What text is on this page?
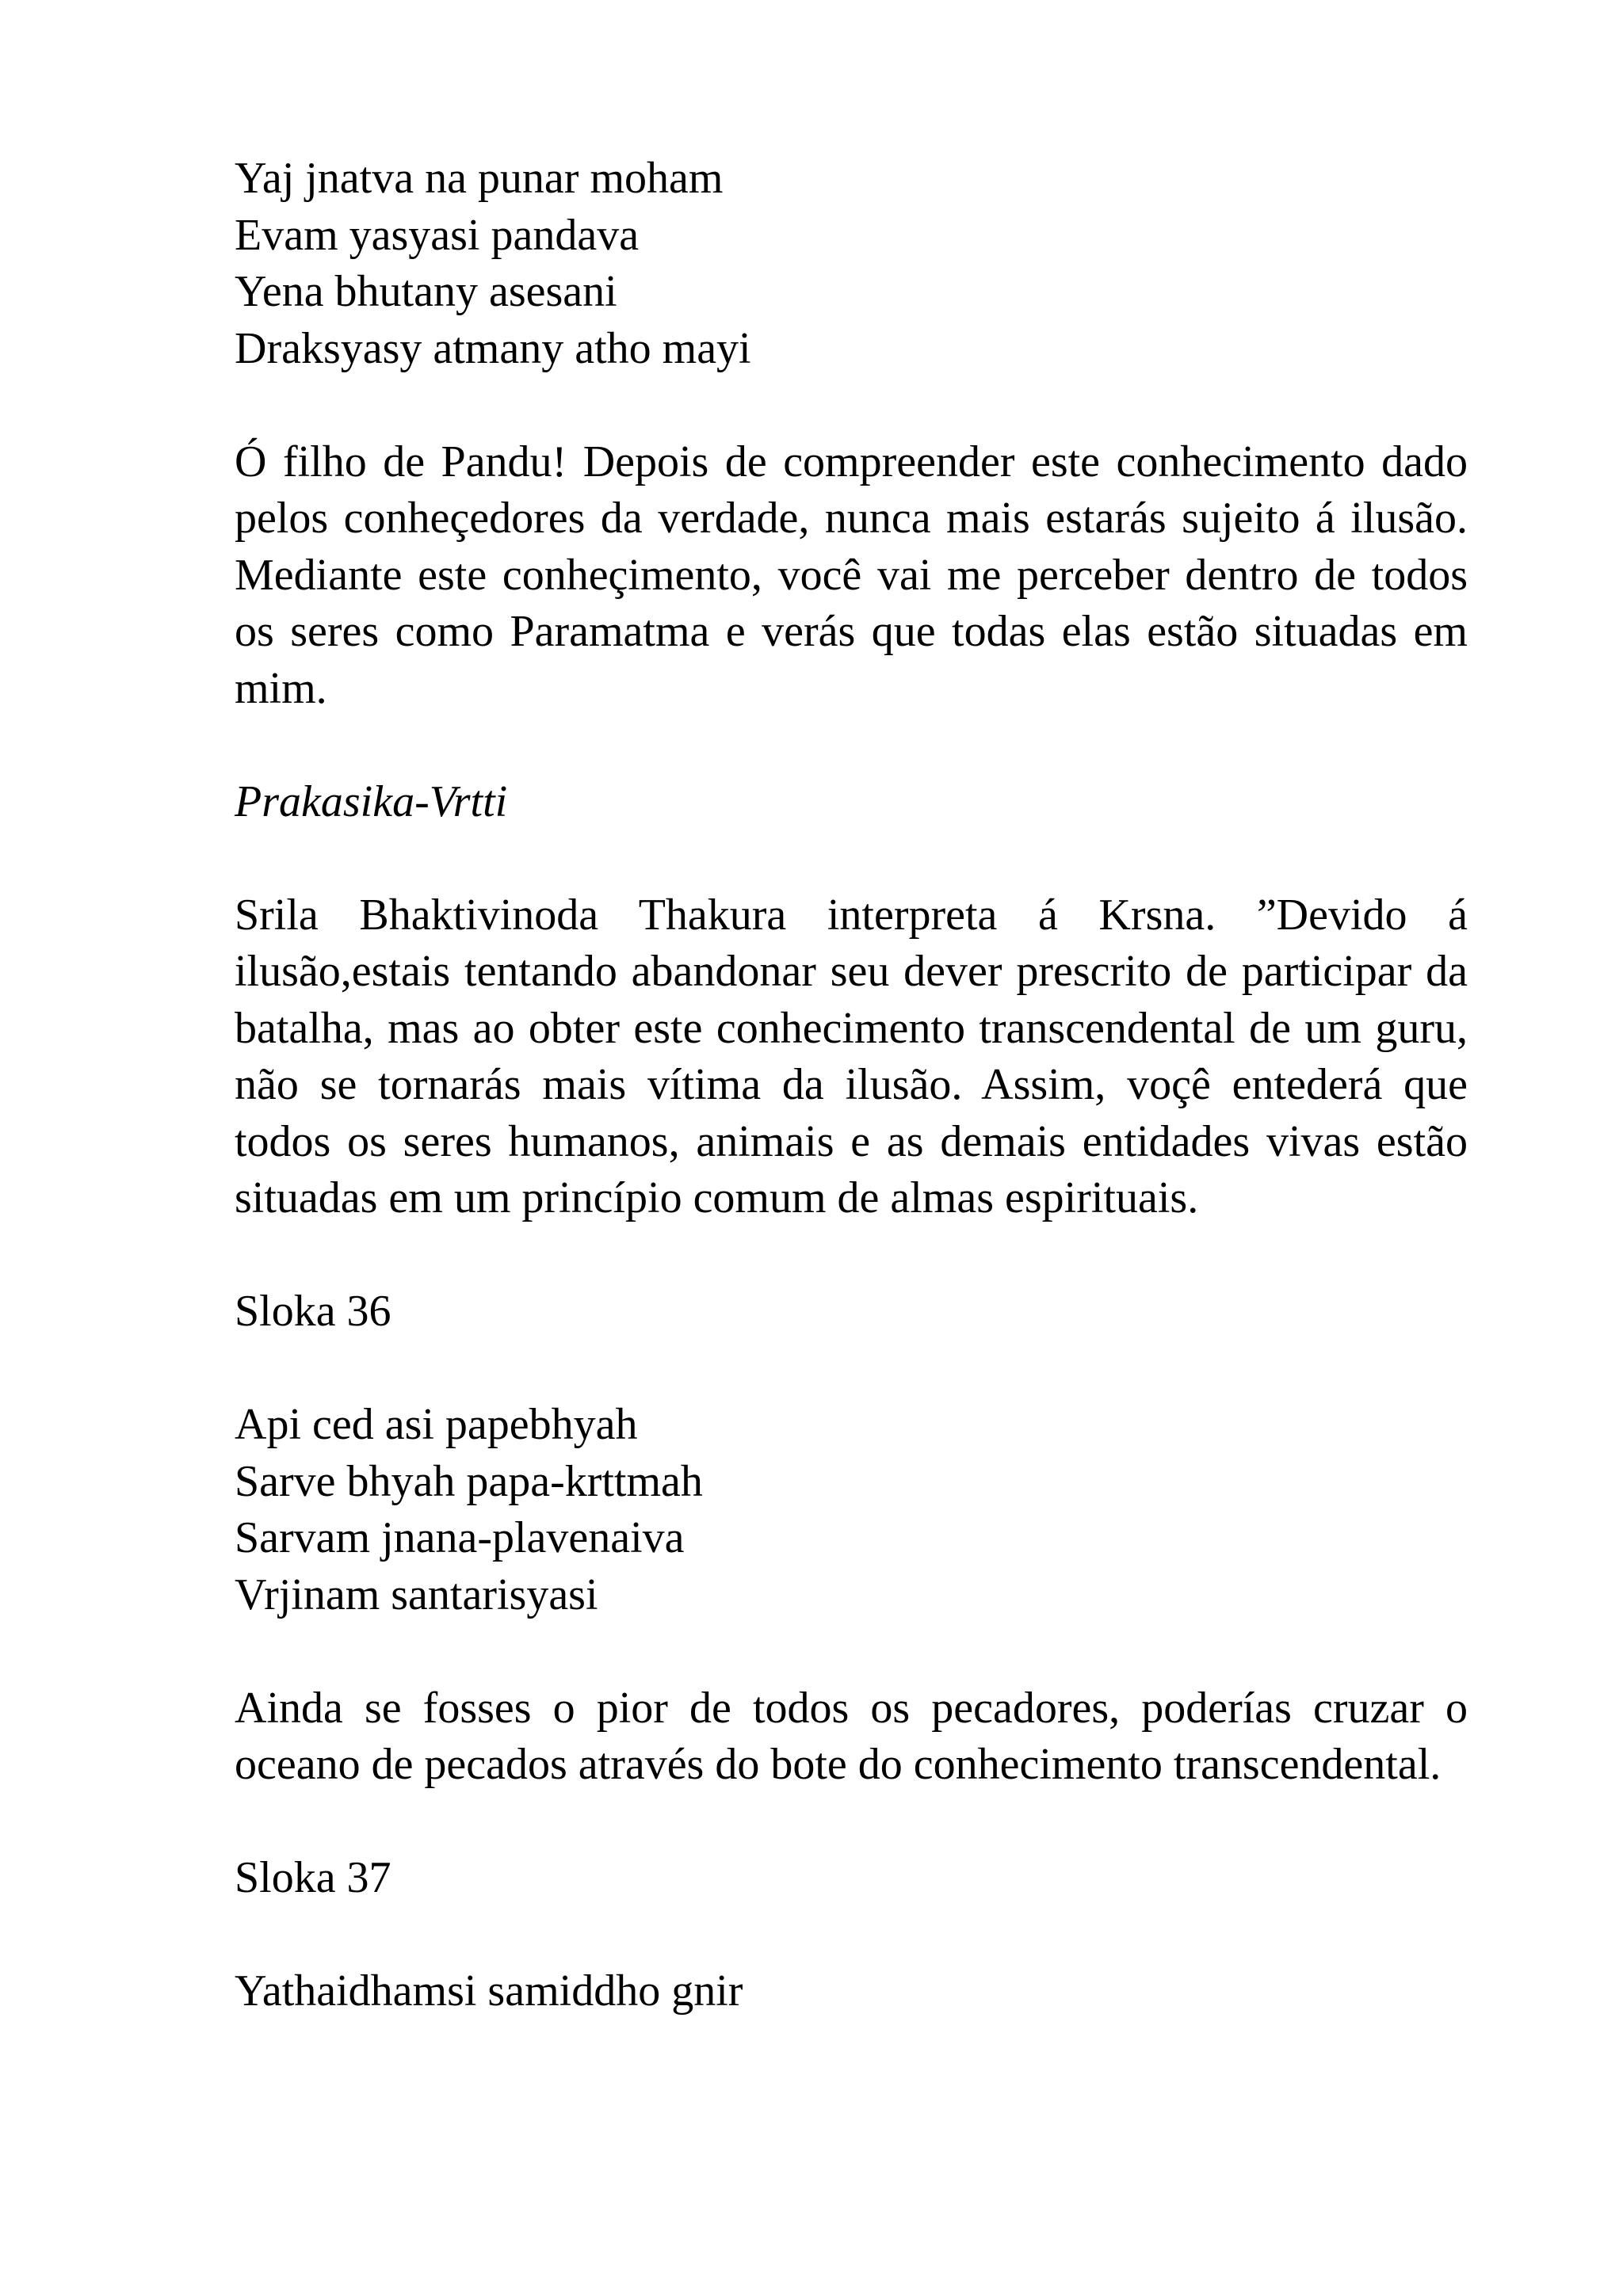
Yaj jnatva na punar moham
Evam yasyasi pandava
Yena bhutany asesani
Draksyasy atmany atho mayi

Ó filho de Pandu! Depois de compreender este conhecimento dado pelos conheçedores da verdade, nunca mais estarás sujeito á ilusão. Mediante este conheçimento, você vai me perceber dentro de todos os seres como Paramatma e verás que todas elas estão situadas em mim.

Prakasika-Vrtti

Srila Bhaktivinoda Thakura interpreta á Krsna. ”Devido á ilusão,estais tentando abandonar seu dever prescrito de participar da batalha, mas ao obter este conhecimento transcendental de um guru, não se tornarás mais vítima da ilusão. Assim, voçê entederá que todos os seres humanos, animais e as demais entidades vivas estão situadas em um princípio comum de almas espirituais.

Sloka 36

Api ced asi papebhyah
Sarve bhyah papa-krttmah
Sarvam jnana-plavenaiva
Vrjinam santarisyasi

Ainda se fosses o pior de todos os pecadores, poderías cruzar o oceano de pecados através do bote do conhecimento transcendental.

Sloka 37

Yathaidhamsi samiddho gnir
